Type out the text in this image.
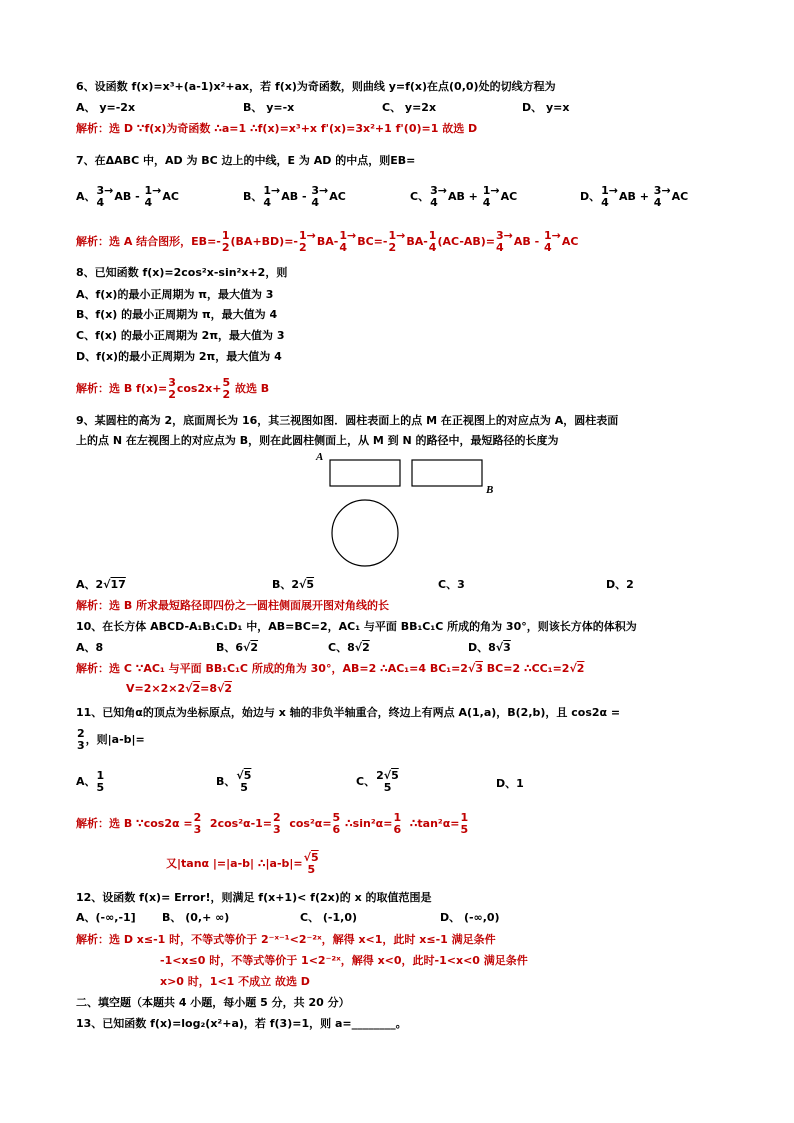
6、设函数 f(x)=x³+(a-1)x²+ax，若 f(x)为奇函数，则曲线 y=f(x)在点(0,0)处的切线方程为
A、 y=-2x	B、 y=-x	C、 y=2x	D、 y=x
解析：选 D ∵f(x)为奇函数 ∴a=1 ∴f(x)=x³+x f'(x)=3x²+1 f'(0)=1 故选 D
7、在ΔABC 中，AD 为 BC 边上的中线，E 为 AD 的中点，则EB=
A、 3→
4 AB - 1→
4 AC	B、 1→
4 AB - 3→
4 AC	C、 3→
4 AB + 1→
4 AC	D、 1→
4 AB + 3→
4 AC
解析：选 A 结合图形，EB=- 1
2 (BA+BD)=- 1→
2 BA- 1→
4 BC=- 1→
2 BA- 1
4 (AC-AB)= 3→
4 AB - 1→
4 AC
8、已知函数 f(x)=2cos²x-sin²x+2，则
A、f(x)的最小正周期为 π，最大值为 3
B、f(x) 的最小正周期为 π，最大值为 4
C、f(x) 的最小正周期为 2π，最大值为 3
D、f(x)的最小正周期为 2π，最大值为 4
解析：选 B f(x)= 3
2 cos2x+ 5
2 故选 B
9、某圆柱的高为 2，底面周长为 16，其三视图如图．圆柱表面上的点 M 在正视图上的对应点为 A，圆柱表面
上的点 N 在左视图上的对应点为 B，则在此圆柱侧面上，从 M 到 N 的路径中，最短路径的长度为
A
B
A、2√17	B、2√5	C、3	D、2
解析：选 B 所求最短路径即四份之一圆柱侧面展开图对角线的长
10、在长方体 ABCD-A₁B₁C₁D₁ 中，AB=BC=2，AC₁ 与平面 BB₁C₁C 所成的角为 30°，则该长方体的体积为
A、8	B、6√2	C、8√2	D、8√3
解析：选 C ∵AC₁ 与平面 BB₁C₁C 所成的角为 30°，AB=2 ∴AC₁=4 BC₁=2√3 BC=2 ∴CC₁=2√2
V=2×2×2√2=8√2
11、已知角α的顶点为坐标原点，始边与 x 轴的非负半轴重合，终边上有两点 A(1,a)，B(2,b)，且 cos2α =
2
3 ，则|a-b|=
A、 1
5	B、 √5
5	C、 2√5
5	D、1
解析：选 B ∵cos2α = 2
3 2cos²α-1= 2
3 cos²α= 5
6 ∴sin²α= 1
6 ∴tan²α= 1
5
又|tanα |=|a-b| ∴|a-b|= √5
5
12、设函数 f(x)= Error!，则满足 f(x+1)< f(2x)的 x 的取值范围是
A、(-∞,-1] B、 (0,+ ∞)	C、 (-1,0)	D、 (-∞,0)
解析：选 D x≤-1 时，不等式等价于 2⁻ˣ⁻¹<2⁻²ˣ，解得 x<1，此时 x≤-1 满足条件
-1<x≤0 时，不等式等价于 1<2⁻²ˣ，解得 x<0，此时-1<x<0 满足条件
x>0 时，1<1 不成立 故选 D
二、填空题（本题共 4 小题，每小题 5 分，共 20 分）
13、已知函数 f(x)=log₂(x²+a)，若 f(3)=1，则 a=________。
